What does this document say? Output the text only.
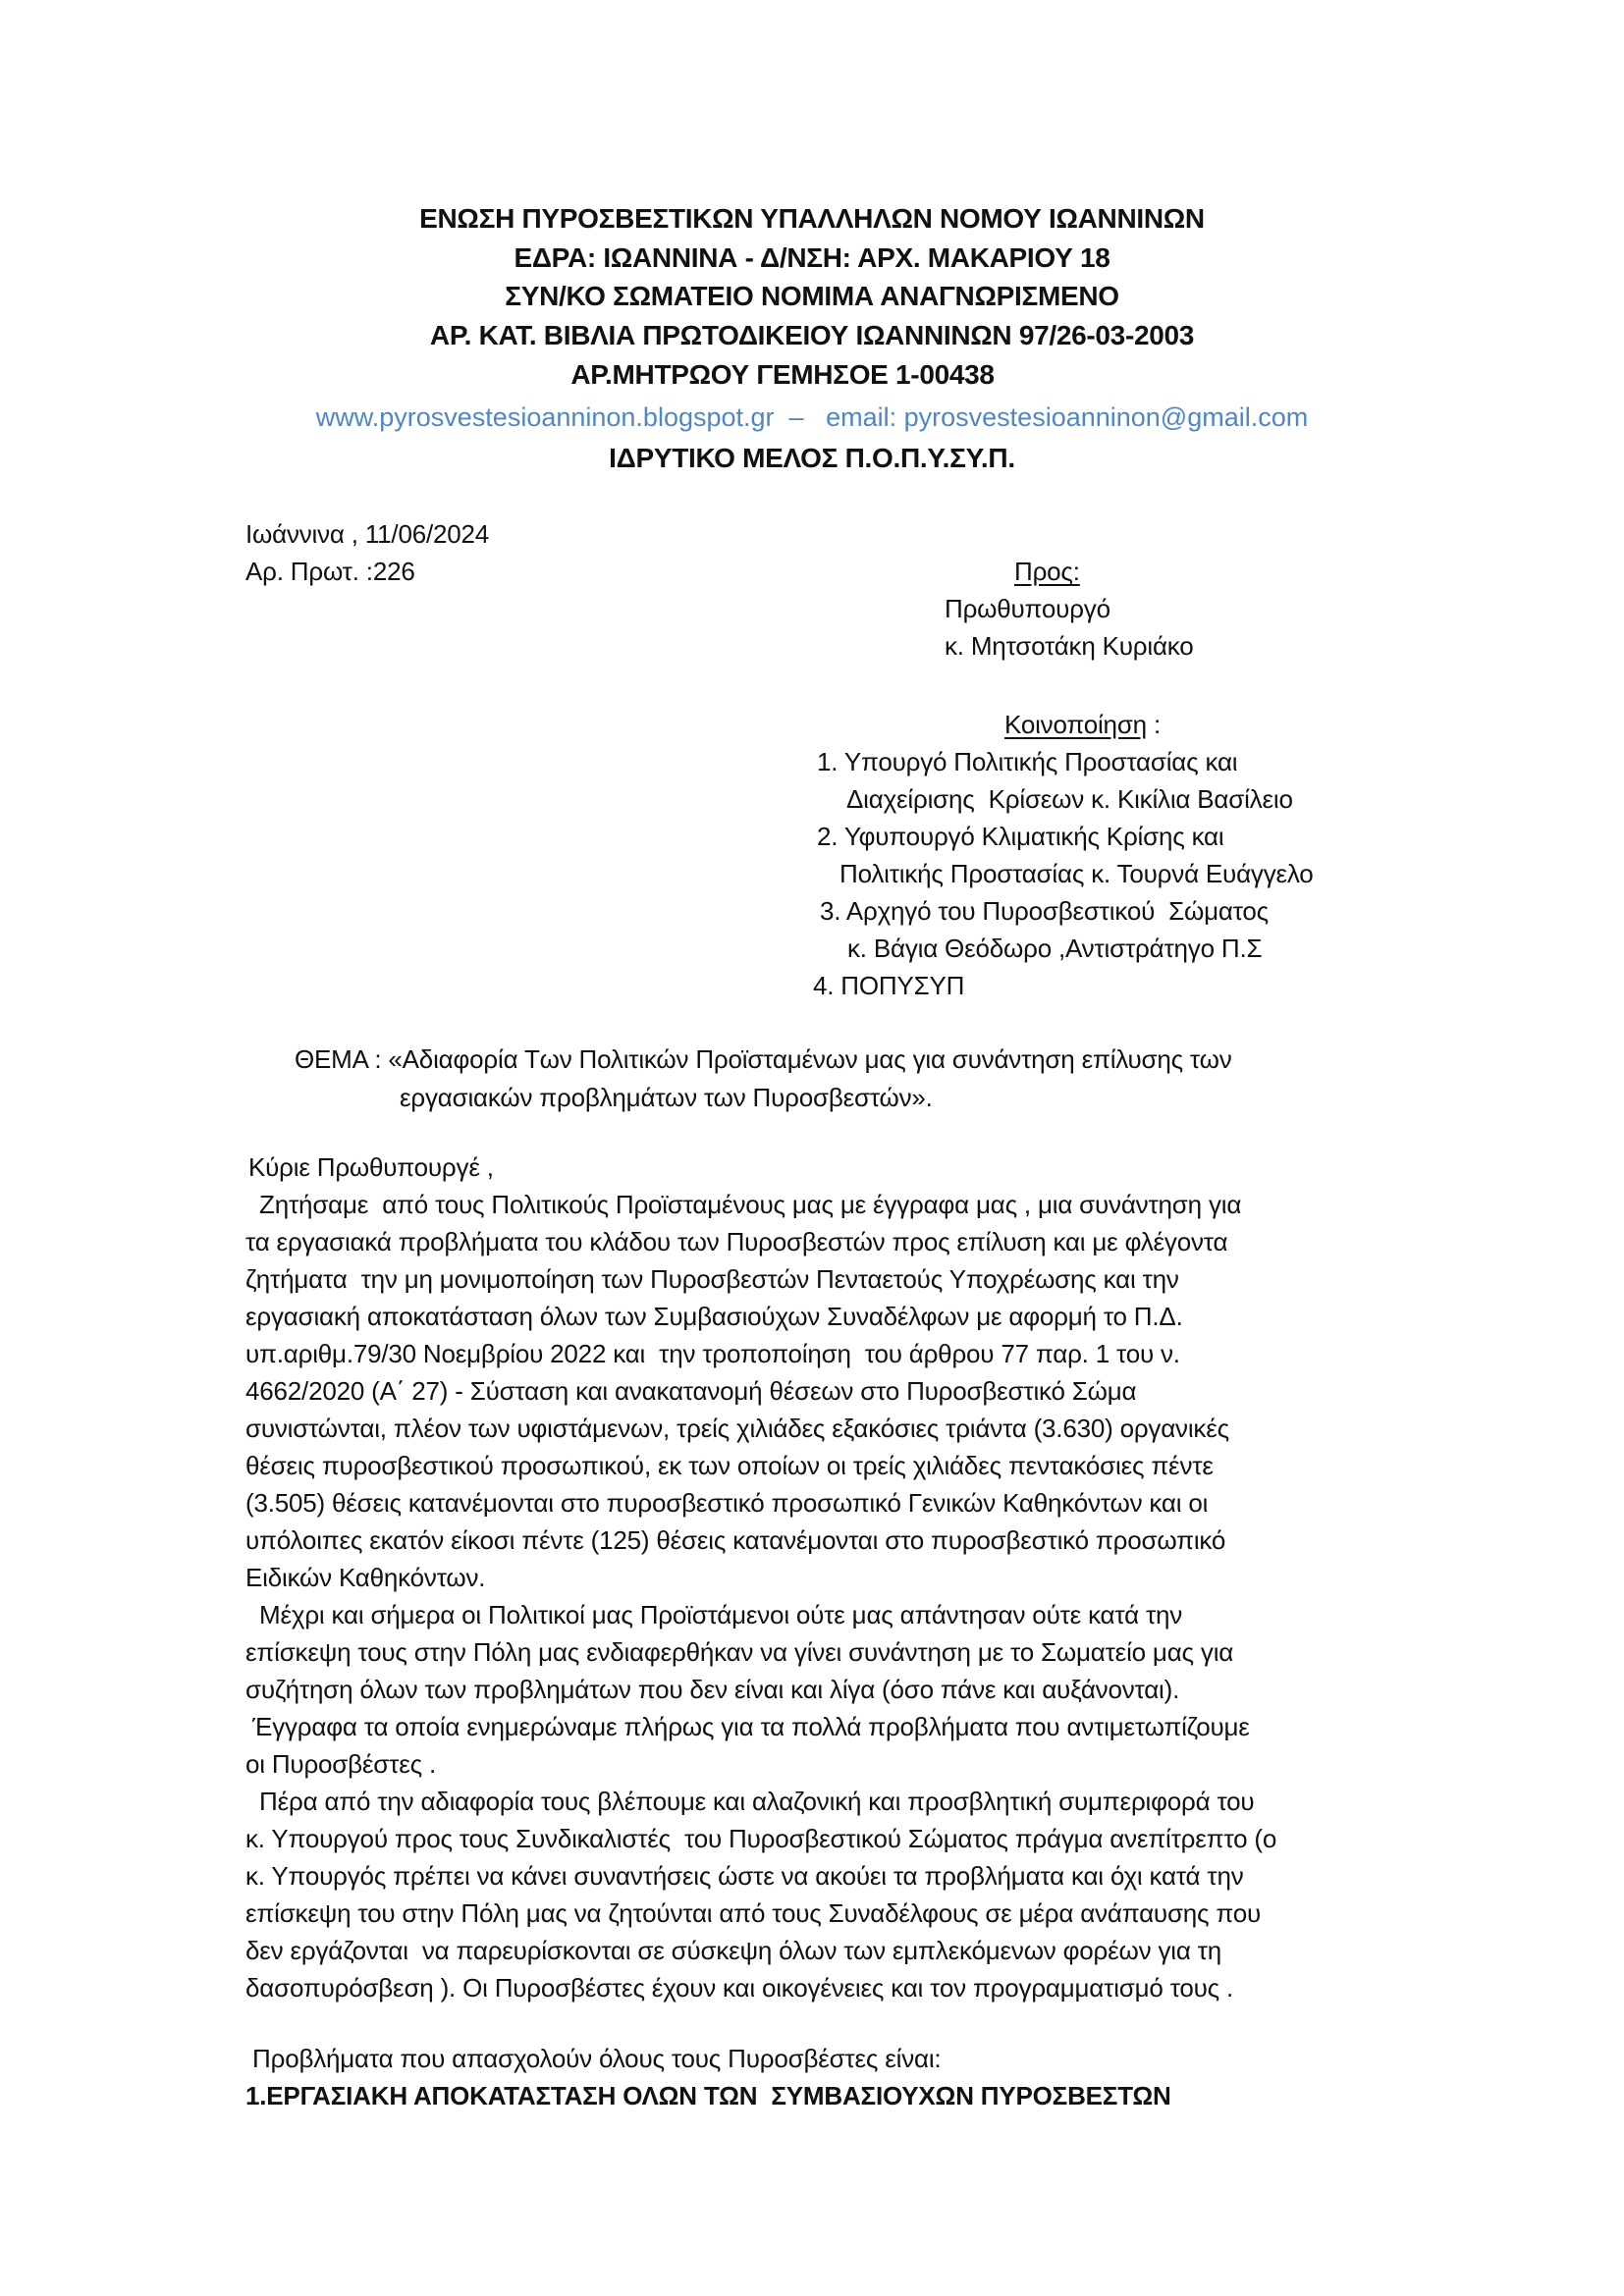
ΕΝΩΣΗ ΠΥΡΟΣΒΕΣΤΙΚΩΝ ΥΠΑΛΛΗΛΩΝ ΝΟΜΟΥ ΙΩΑΝΝΙΝΩΝ
ΕΔΡΑ: ΙΩΑΝΝΙΝΑ - Δ/ΝΣΗ: ΑΡΧ. ΜΑΚΑΡΙΟΥ 18
ΣΥΝ/ΚΟ ΣΩΜΑΤΕΙΟ ΝΟΜΙΜΑ ΑΝΑΓΝΩΡΙΣΜΕΝΟ
ΑΡ. ΚΑΤ. ΒΙΒΛΙΑ ΠΡΩΤΟΔΙΚΕΙΟΥ ΙΩΑΝΝΙΝΩΝ 97/26-03-2003
ΑΡ.ΜΗΤΡΩΟΥ ΓΕΜΗΣΟΕ 1-00438
www.pyrosvestesioanninon.blogspot.gr – email: pyrosvestesioanninon@gmail.com
ΙΔΡΥΤΙΚΟ ΜΕΛΟΣ Π.Ο.Π.Υ.ΣΥ.Π.
Ιωάννινα , 11/06/2024
Αρ. Πρωτ. :226	Προς:
Πρωθυπουργό
κ. Μητσοτάκη Κυριάκο
Κοινοποίηση :
1. Υπουργό Πολιτικής Προστασίας και
Διαχείρισης  Κρίσεων κ. Κικίλια Βασίλειο
2. Υφυπουργό Κλιματικής Κρίσης και
Πολιτικής Προστασίας κ. Τουρνά Ευάγγελο
3. Αρχηγό του Πυροσβεστικού  Σώματος
κ. Βάγια Θεόδωρο ,Αντιστράτηγο Π.Σ
4. ΠΟΠΥΣΥΠ
ΘΕΜΑ : «Αδιαφορία Των Πολιτικών Προϊσταμένων μας για συνάντηση επίλυσης των
εργασιακών προβλημάτων των Πυροσβεστών».
Κύριε Πρωθυπουργέ ,
Ζητήσαμε  από τους Πολιτικούς Προϊσταμένους μας με έγγραφα μας , μια συνάντηση για
τα εργασιακά προβλήματα του κλάδου των Πυροσβεστών προς επίλυση και με φλέγοντα
ζητήματα  την μη μονιμοποίηση των Πυροσβεστών Πενταετούς Υποχρέωσης και την
εργασιακή αποκατάσταση όλων των Συμβασιούχων Συναδέλφων με αφορμή το Π.Δ.
υπ.αριθμ.79/30 Νοεμβρίου 2022 και  την τροποποίηση  του άρθρου 77 παρ. 1 του ν.
4662/2020 (Α΄ 27) - Σύσταση και ανακατανομή θέσεων στο Πυροσβεστικό Σώμα
συνιστώνται, πλέον των υφιστάμενων, τρείς χιλιάδες εξακόσιες τριάντα (3.630) οργανικές
θέσεις πυροσβεστικού προσωπικού, εκ των οποίων οι τρείς χιλιάδες πεντακόσιες πέντε
(3.505) θέσεις κατανέμονται στο πυροσβεστικό προσωπικό Γενικών Καθηκόντων και οι
υπόλοιπες εκατόν είκοσι πέντε (125) θέσεις κατανέμονται στο πυροσβεστικό προσωπικό
Ειδικών Καθηκόντων.
Μέχρι και σήμερα οι Πολιτικοί μας Προϊστάμενοι ούτε μας απάντησαν ούτε κατά την
επίσκεψη τους στην Πόλη μας ενδιαφερθήκαν να γίνει συνάντηση με το Σωματείο μας για
συζήτηση όλων των προβλημάτων που δεν είναι και λίγα (όσο πάνε και αυξάνονται).
Έγγραφα τα οποία ενημερώναμε πλήρως για τα πολλά προβλήματα που αντιμετωπίζουμε
οι Πυροσβέστες .
Πέρα από την αδιαφορία τους βλέπουμε και αλαζονική και προσβλητική συμπεριφορά του
κ. Υπουργού προς τους Συνδικαλιστές  του Πυροσβεστικού Σώματος πράγμα ανεπίτρεπτο (ο
κ. Υπουργός πρέπει να κάνει συναντήσεις ώστε να ακούει τα προβλήματα και όχι κατά την
επίσκεψη του στην Πόλη μας να ζητούνται από τους Συναδέλφους σε μέρα ανάπαυσης που
δεν εργάζονται  να παρευρίσκονται σε σύσκεψη όλων των εμπλεκόμενων φορέων για τη
δασοπυρόσβεση ). Οι Πυροσβέστες έχουν και οικογένειες και τον προγραμματισμό τους .
Προβλήματα που απασχολούν όλους τους Πυροσβέστες είναι:
1.ΕΡΓΑΣΙΑΚΗ ΑΠΟΚΑΤΑΣΤΑΣΗ ΟΛΩΝ ΤΩΝ  ΣΥΜΒΑΣΙΟΥΧΩΝ ΠΥΡΟΣΒΕΣΤΩΝ
